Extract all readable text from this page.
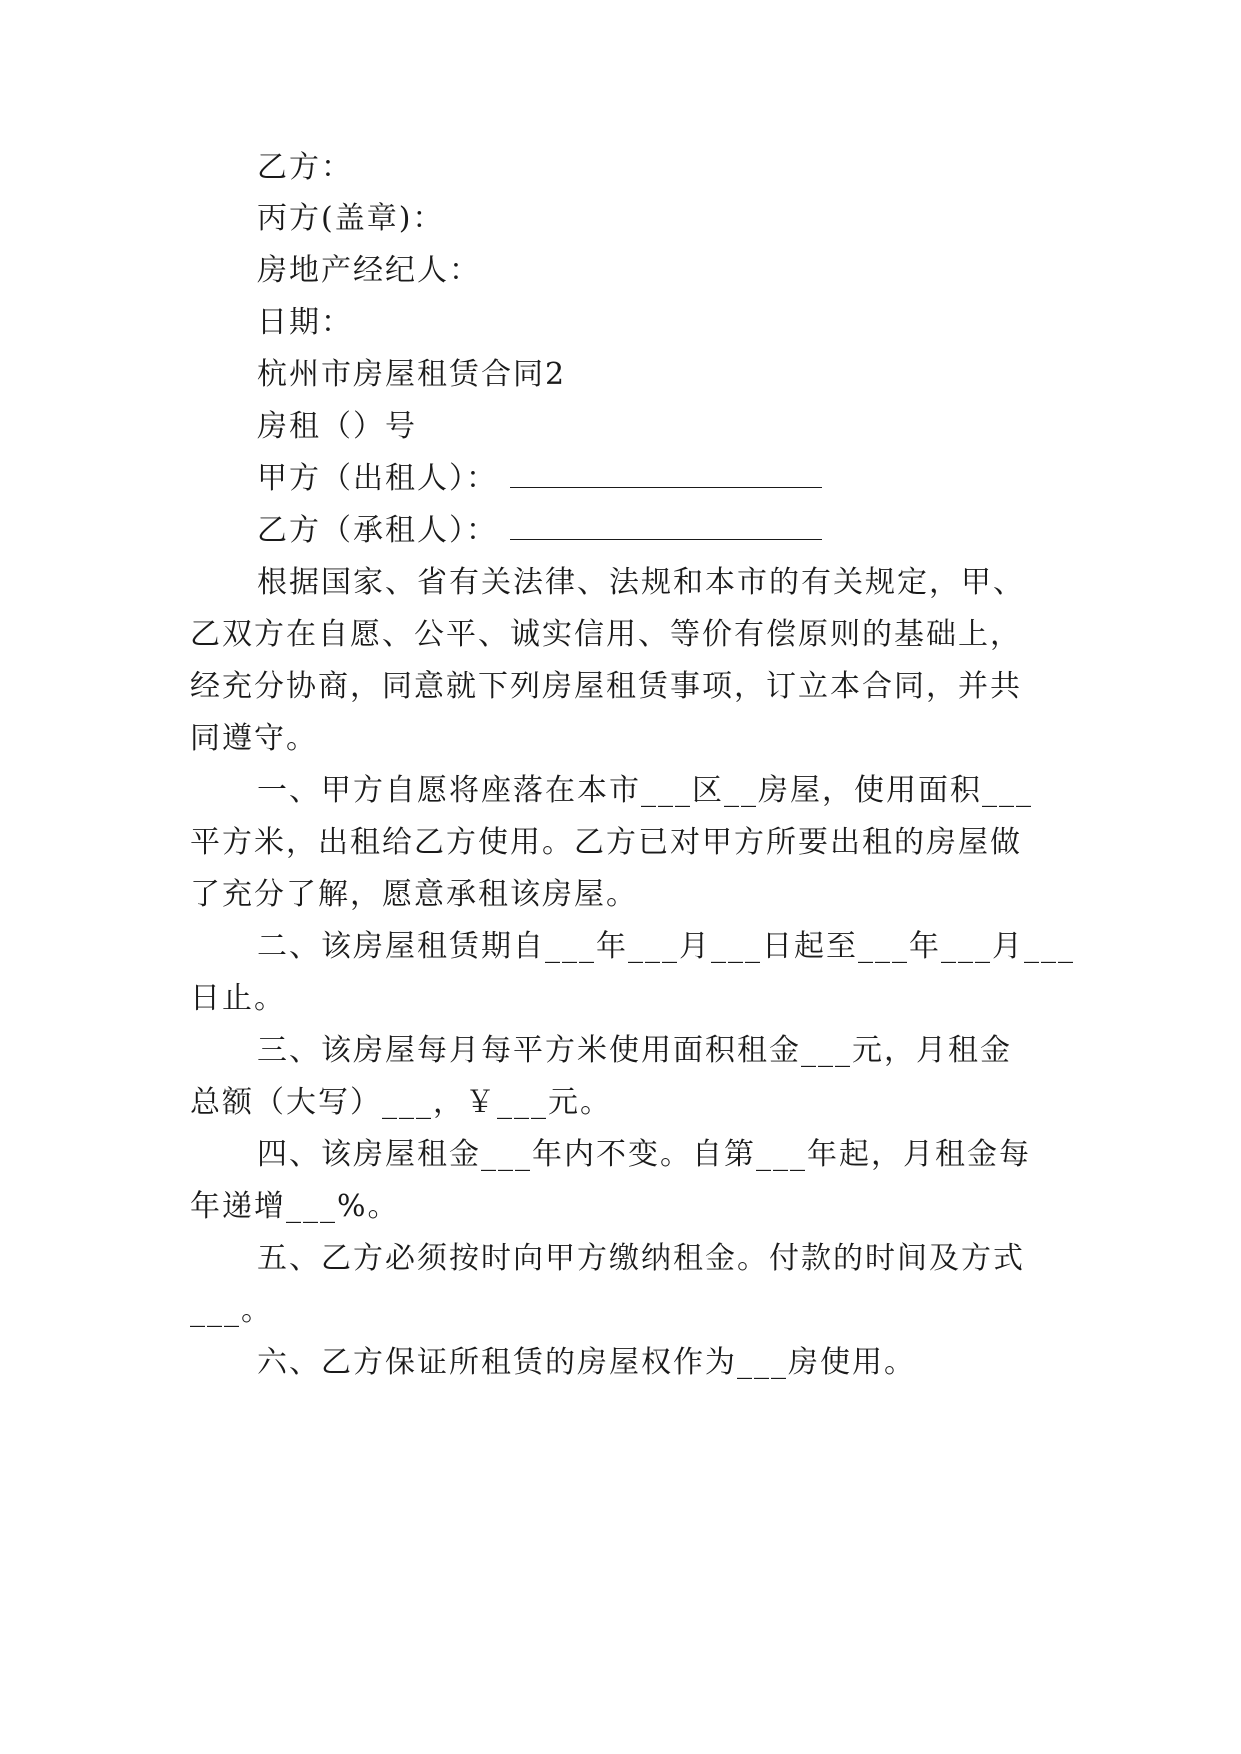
乙方：
丙方(盖章)：
房地产经纪人：
日期：
杭州市房屋租赁合同2
房租（）号
甲方（出租人）：
乙方（承租人）：
根据国家、省有关法律、法规和本市的有关规定，甲、
乙双方在自愿、公平、诚实信用、等价有偿原则的基础上，
经充分协商，同意就下列房屋租赁事项，订立本合同，并共
同遵守。
一、甲方自愿将座落在本市___区__房屋，使用面积___
平方米，出租给乙方使用。乙方已对甲方所要出租的房屋做
了充分了解，愿意承租该房屋。
二、该房屋租赁期自___年___月___日起至___年___月___
日止。
三、该房屋每月每平方米使用面积租金___元，月租金
总额（大写）___，￥___元。
四、该房屋租金___年内不变。自第___年起，月租金每
年递增___%。
五、乙方必须按时向甲方缴纳租金。付款的时间及方式
___。
六、乙方保证所租赁的房屋权作为___房使用。
